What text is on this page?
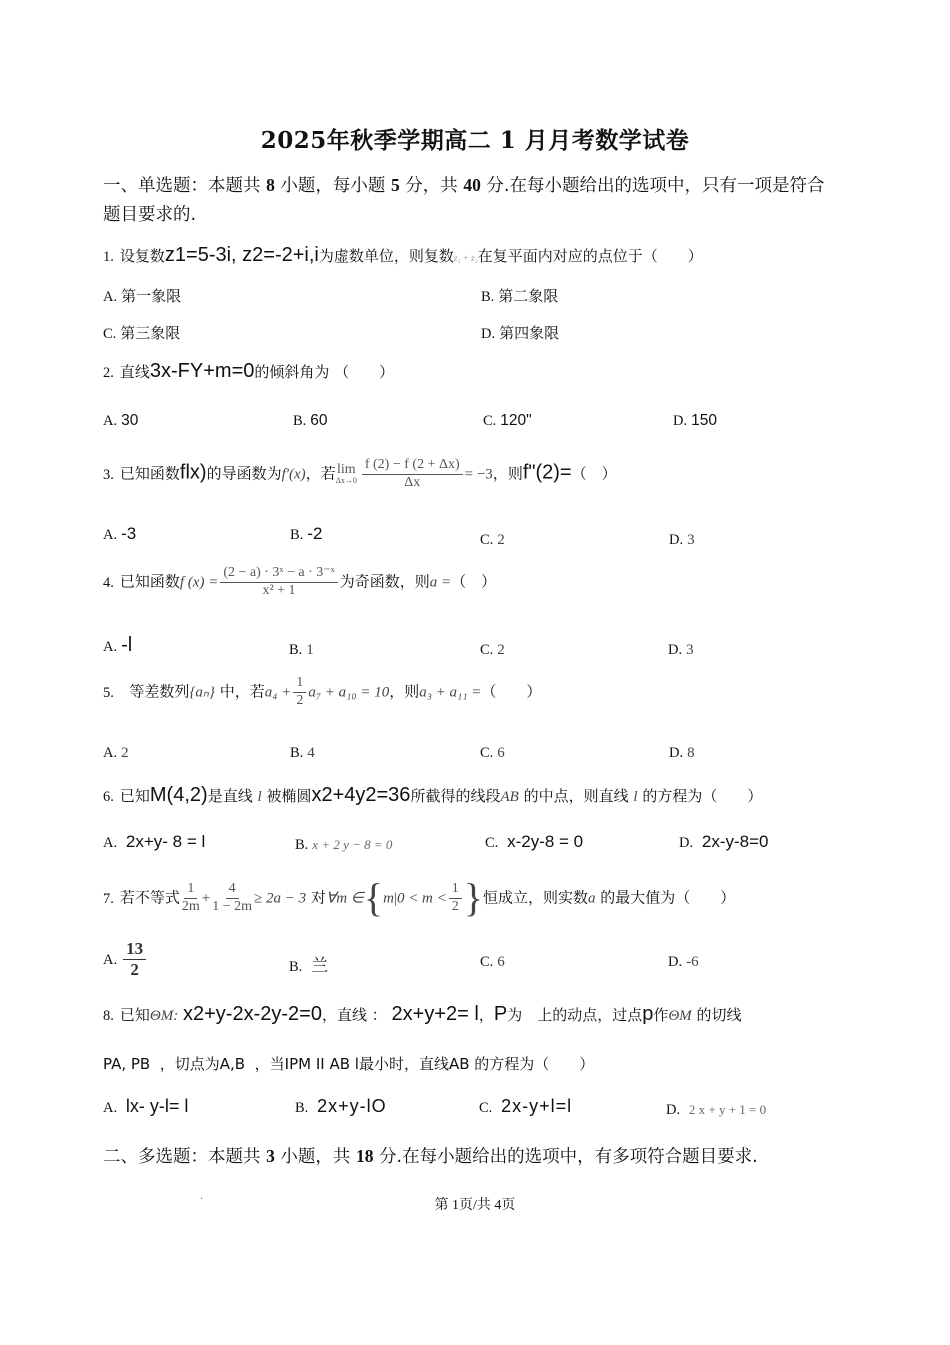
2025年秋季学期高二 1 月月考数学试卷
一、单选题：本题共 8 小题，每小题 5 分，共 40 分.在每小题给出的选项中，只有一项是符合
题目要求的.
1. 设复数z1=5-3i, z2=-2+i,i为虚数单位，则复数z₁ + z₂在复平面内对应的点位于（　　）
A. 第一象限	B. 第二象限
C. 第三象限	D. 第四象限
2. 直线3x-FY+m=0的倾斜角为 （　　）
A. 30	B. 60	C. 120"	D. 150
3. 已知函数flx)的导函数为f′(x)，若 lim
$\Delta x\to 0 \frac{f (2) - f (2 + \Delta x)}{\Delta x} = -3$，则f"(2)=（　）
A. -3	B. -2	C. 2	D. 3
4. 已知函数f $(x) = \frac{\text{(2 − a) · 3ˣ − a · 3⁻ˣ}}{\text{x² + 1}}$ 为奇函数，则a =（　）
A. -l	B. 1	C. 2	D. 3
5. 等差数列{aₙ} 中，若$a_4 + \frac{1}{2} a_7 + a_{10} = 10$，则a₃ + a₁₁ =（　　）
A. 2	B. 4	C. 6	D. 8
6. 已知M(4,2)是直线 l 被椭圆x2+4y2=36所截得的线段AB 的中点，则直线 l 的方程为（　　）
A. 2x+y- 8 = l	B. x + 2 y − 8 = 0	C. x-2y-8 = 0	D. 2x-y-8=0
7. 若不等式 $\frac{1}{2m} + \frac{4}{1 - 2m} \ge 2a - 3$ 对∀m ∈{m|0 < $m < \frac{1}{2}$ }恒成立，则实数a 的最大值为（　　）
A. $\frac{13}{2}$	B. 兰	C. 6	D. -6
8. 已知ΘM: x2+y-2x-2y-2=0，直线 ： 2x+y+2= l，P为　上的动点，过点p作ΘM 的切线
PA, PB ，切点为A,B ，当IPM II AB l最小时，直线AB 的方程为（　　）
A. lx- y-l= l	B. 2x+y-lO	C. 2x-y+l=l	D. 2 x + y + 1 = 0
二、多选题：本题共 3 小题，共 18 分.在每小题给出的选项中，有多项符合题目要求.
.
第 1页/共 4页
